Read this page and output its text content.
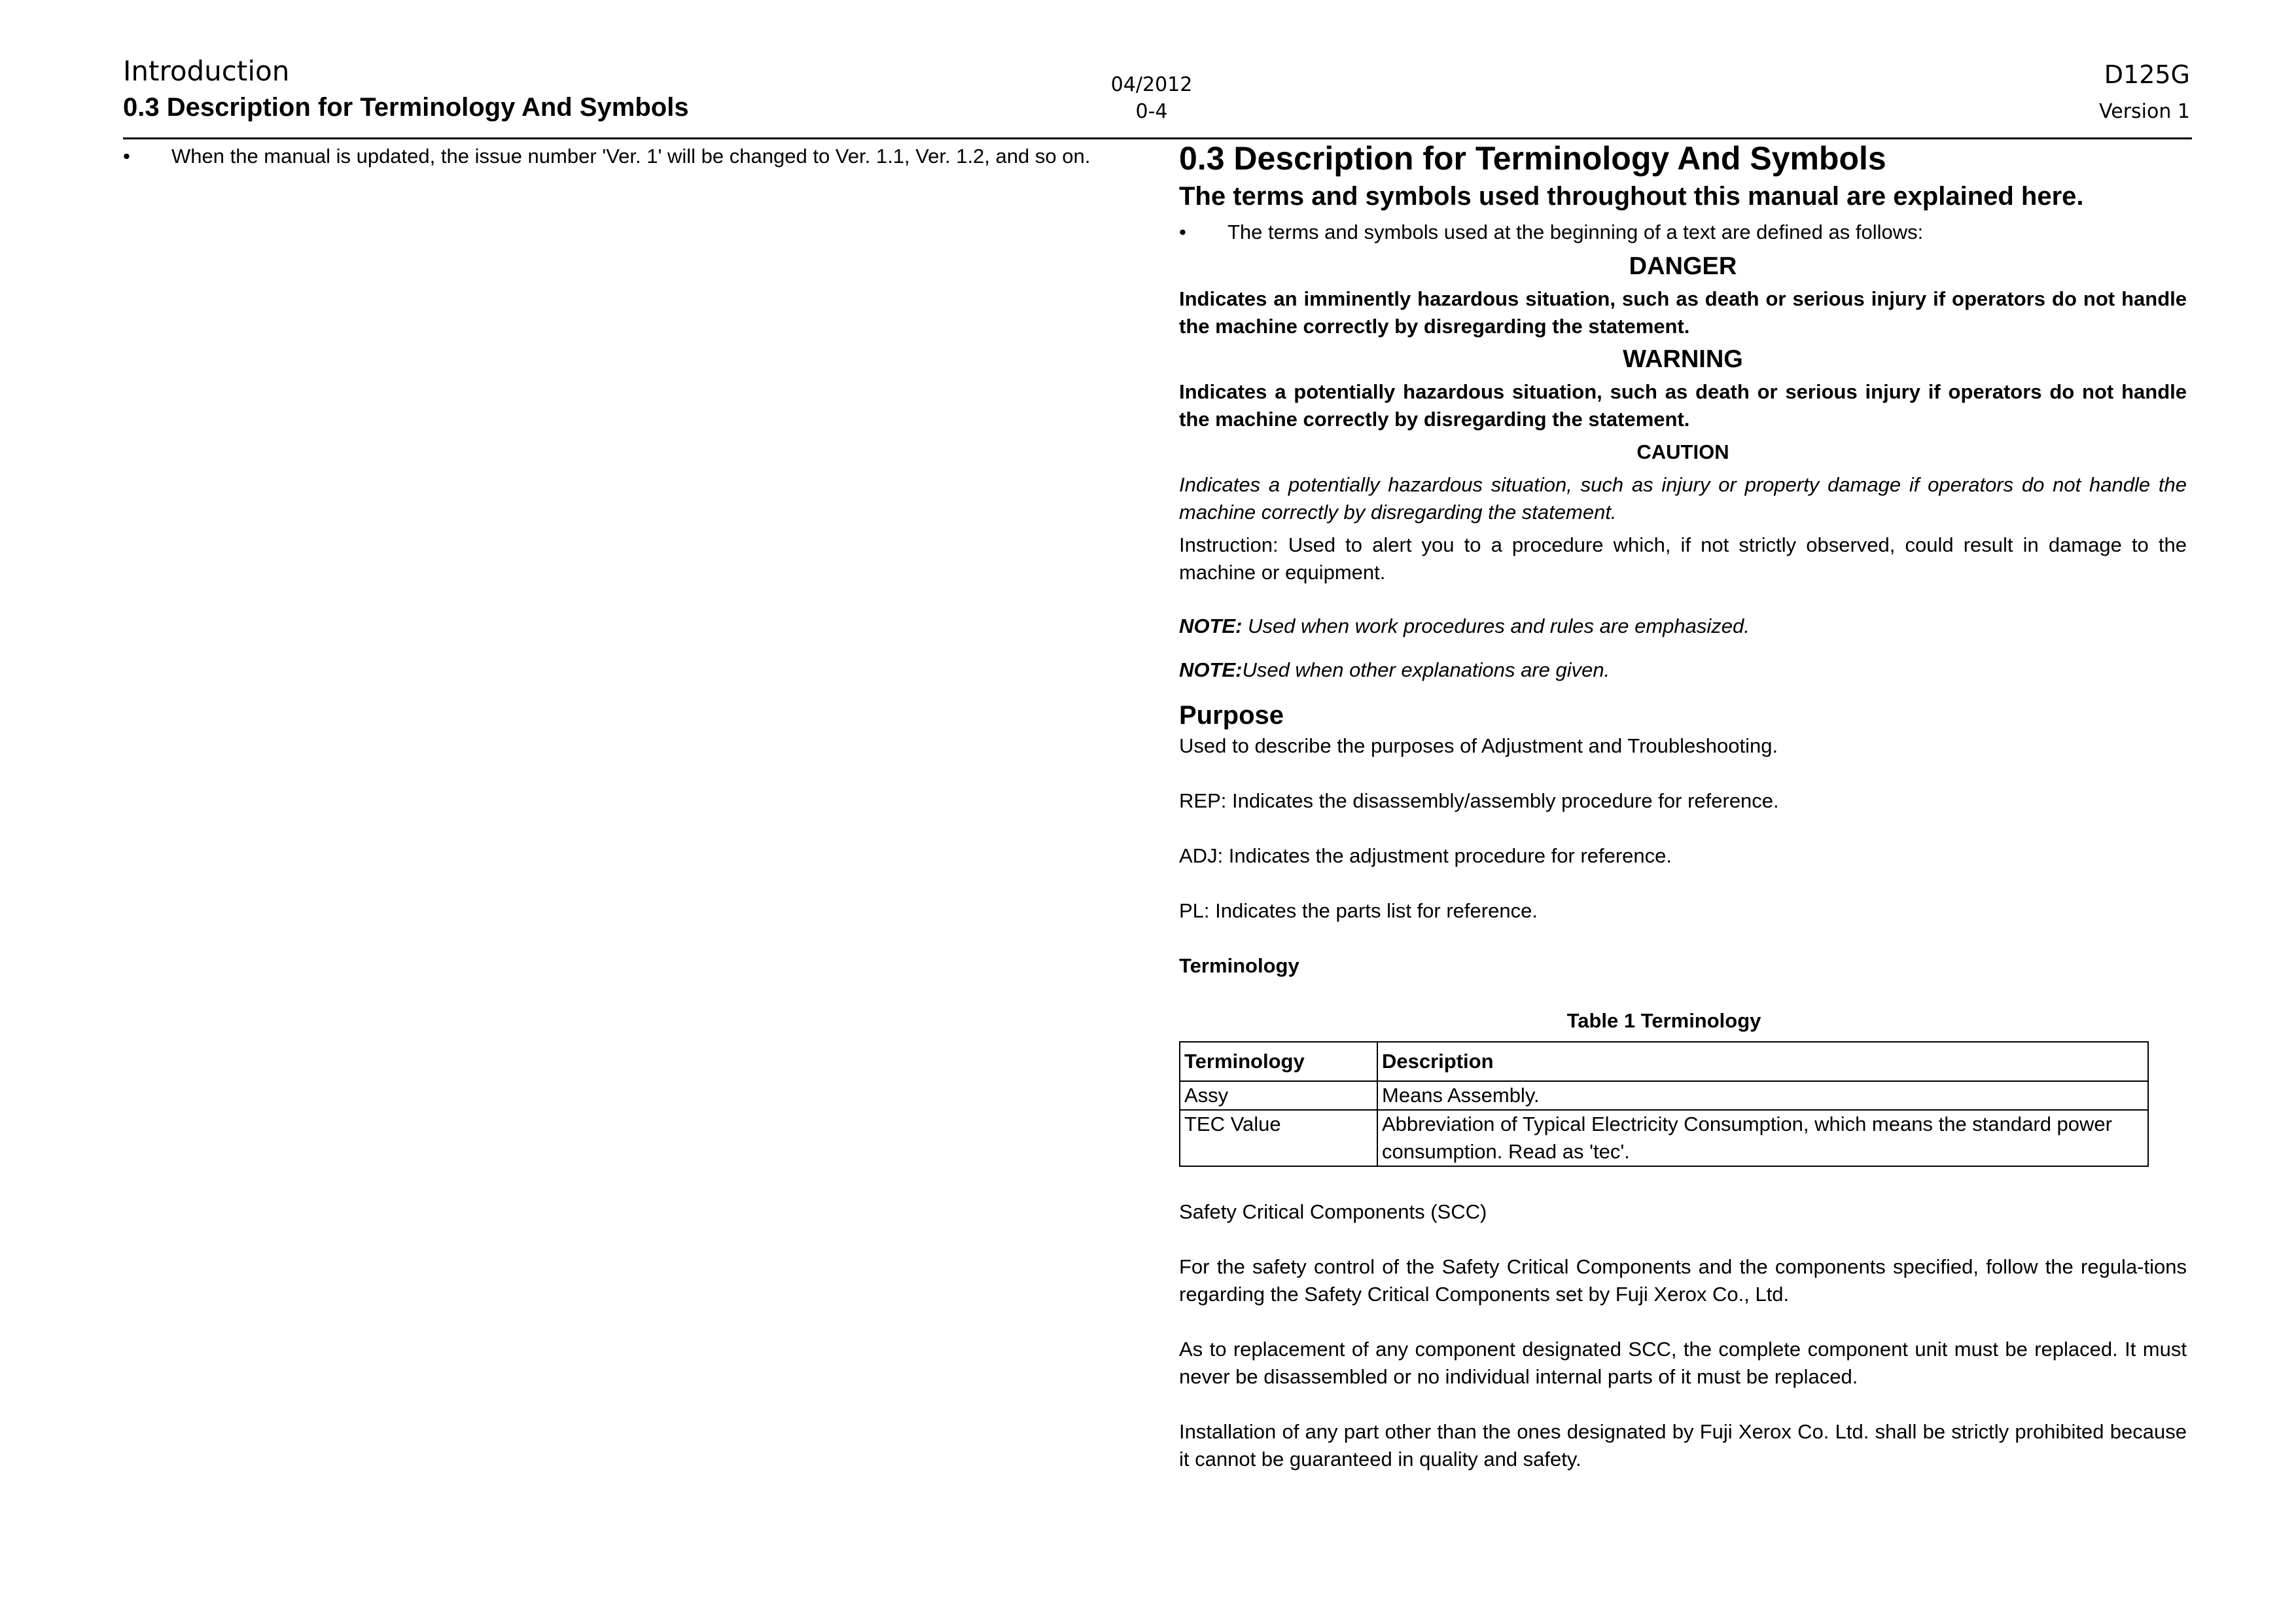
Introduction
0.3 Description for Terminology And Symbols
04/2012
0-4
D125G
Version 1
• When the manual is updated, the issue number 'Ver. 1' will be changed to Ver. 1.1, Ver. 1.2, and so on.	0.3 Description for Terminology And Symbols
The terms and symbols used throughout this manual are explained here.
• The terms and symbols used at the beginning of a text are defined as follows:
DANGER

Indicates an imminently hazardous situation, such as death or serious injury if operators do not handle the machine correctly by disregarding the statement.

WARNING

Indicates a potentially hazardous situation, such as death or serious injury if operators do not handle the machine correctly by disregarding the statement.

CAUTION

Indicates a potentially hazardous situation, such as injury or property damage if operators do not handle the machine correctly by disregarding the statement.

Instruction: Used to alert you to a procedure which, if not strictly observed, could result in damage to the machine or equipment.

NOTE: Used when work procedures and rules are emphasized.

NOTE:Used when other explanations are given.

Purpose

Used to describe the purposes of Adjustment and Troubleshooting.

REP: Indicates the disassembly/assembly procedure for reference.

ADJ: Indicates the adjustment procedure for reference.

PL: Indicates the parts list for reference.

Terminology
Table 1 Terminology
Terminology	Description
Assy	Means Assembly.
TEC Value	Abbreviation of Typical Electricity Consumption, which means the standard power consumption. Read as 'tec'.

Safety Critical Components (SCC)

For the safety control of the Safety Critical Components and the components specified, follow the regula-tions regarding the Safety Critical Components set by Fuji Xerox Co., Ltd.

As to replacement of any component designated SCC, the complete component unit must be replaced. It must never be disassembled or no individual internal parts of it must be replaced.

Installation of any part other than the ones designated by Fuji Xerox Co. Ltd. shall be strictly prohibited because it cannot be guaranteed in quality and safety.
